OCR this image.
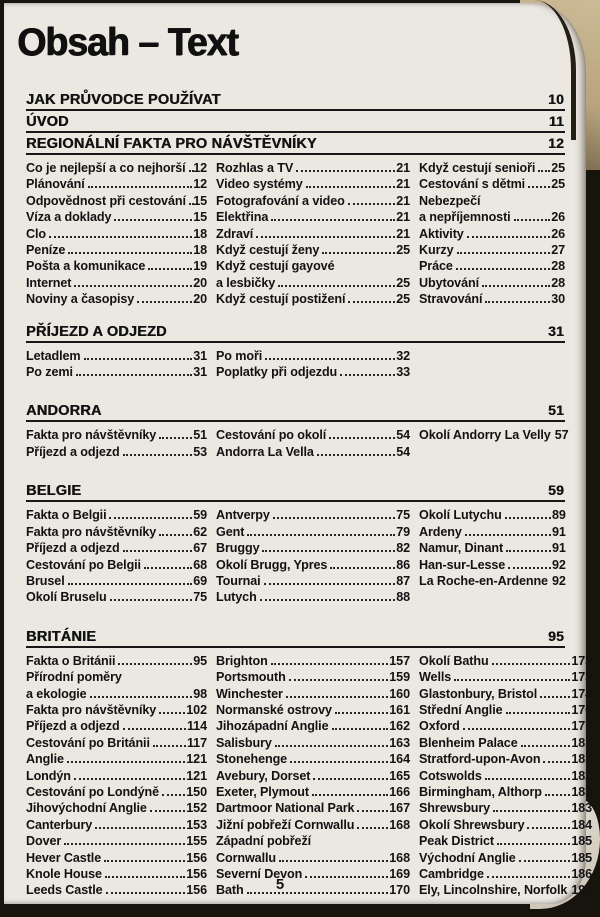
Obsah – Text
JAK PRŮVODCE POUŽÍVAT	10
ÚVOD	11
REGIONÁLNÍ FAKTA PRO NÁVŠTĚVNÍKY	12
Co je nejlepší a co nejhorší 12
Plánování	12
Odpovědnost při cestování 15
Víza a doklady	15
Clo	18
Peníze	18
Pošta a komunikace	19
Internet	20
Noviny a časopisy	20
Rozhlas a TV	21
Video systémy	21
Fotografování a video	21
Elektřina	21
Zdraví	21
Když cestují ženy	25
Když cestují gayové
a lesbičky	25
Když cestují postižení	25
Když cestují senioři 25
Cestování s dětmi 25
Nebezpečí
a nepříjemnosti	26
Aktivity	26
Kurzy	27
Práce	28
Ubytování	28
Stravování	30
PŘÍJEZD A ODJEZD	31
Letadlem	31
Po zemi	31
Po moři	32
Poplatky při odjezdu	33
ANDORRA	51
Fakta pro návštěvníky	51
Příjezd a odjezd	53
Cestování po okolí	54
Andorra La Vella	54
Okolí Andorry La Velly 57
BELGIE	59
Fakta o Belgii	59
Fakta pro návštěvníky	62
Příjezd a odjezd	67
Cestování po Belgii	68
Brusel	69
Okolí Bruselu	75
Antverpy	75
Gent	79
Bruggy	82
Okolí Brugg, Ypres	86
Tournai	87
Lutych	88
Okolí Lutychu	89
Ardeny	91
Namur, Dinant	91
Han-sur-Lesse	92
La Roche-en-Ardenne 92
BRITÁNIE	95
Fakta o Británii	95
Přírodní poměry
a ekologie	98
Fakta pro návštěvníky 102
Příjezd a odjezd	114
Cestování po Británii	117
Anglie	121
Londýn	121
Cestování po Londýně 150
Jihovýchodní Anglie	152
Canterbury	153
Dover	155
Hever Castle	156
Knole House	156
Leeds Castle	156
Brighton	157
Portsmouth	159
Winchester	160
Normanské ostrovy	161
Jihozápadní Anglie	162
Salisbury	163
Stonehenge	164
Avebury, Dorset	165
Exeter, Plymout	166
Dartmoor National Park	167
Jižní pobřeží Cornwallu	168
Západní pobřeží
Cornwallu	168
Severní Devon	169
Bath	170
Okolí Bathu	173
Wells	173
Glastonbury, Bristol	174
Střední Anglie	176
Oxford	177
Blenheim Palace	181
Stratford-upon-Avon 181
Cotswolds	182
Birmingham, Althorp 183
Shrewsbury	183
Okolí Shrewsbury	184
Peak District	185
Východní Anglie	185
Cambridge	186
Ely, Lincolnshire, Norfolk 190
5
